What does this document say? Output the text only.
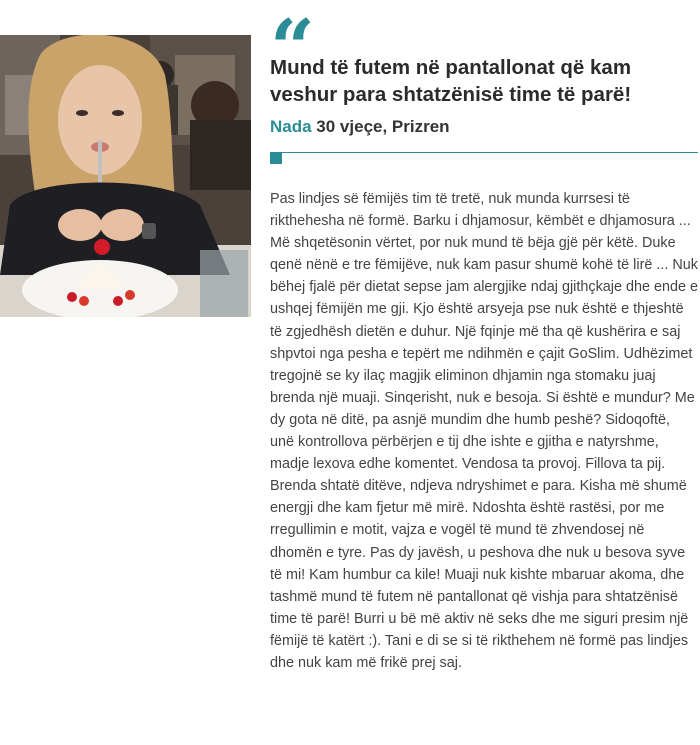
“
Mund të futem në pantallonat që kam veshur para shtatzënisë time të parë!
Nada 30 vjeçe, Prizren

Pas lindjes së fëmijës tim të tretë, nuk munda kurrsesi të rikthehesha në formë. Barku i dhjamosur, këmbët e dhjamosura ... Më shqetësonin vërtet, por nuk mund të bëja gjë për këtë. Duke qenë nënë e tre fëmijëve, nuk kam pasur shumë kohë të lirë ... Nuk bëhej fjalë për dietat sepse jam alergjike ndaj gjithçkaje dhe ende e ushqej fëmijën me gji. Kjo është arsyeja pse nuk është e thjeshtë të zgjedhësh dietën e duhur. Një fqinje më tha që kushërira e saj shpvtoi nga pesha e tepërt me ndihmën e çajit GoSlim. Udhëzimet tregojnë se ky ilaç magjik eliminon dhjamin nga stomaku juaj brenda një muaji. Sinqerisht, nuk e besoja. Si është e mundur? Me dy gota në ditë, pa asnjë mundim dhe humb peshë? Sidoqoftë, unë kontrollova përbërjen e tij dhe ishte e gjitha e natyrshme, madje lexova edhe komentet. Vendosa ta provoj. Fillova ta pij. Brenda shtatë ditëve, ndjeva ndryshimet e para. Kisha më shumë energji dhe kam fjetur më mirë. Ndoshta është rastësi, por me rregullimin e motit, vajza e vogël të mund të zhvendosej në dhomën e tyre. Pas dy javësh, u peshova dhe nuk u besova syve të mi! Kam humbur ca kile! Muaji nuk kishte mbaruar akoma, dhe tashmë mund të futem në pantallonat që vishja para shtatzënisë time të parë! Burri u bë më aktiv në seks dhe me siguri presim një fëmijë të katërt :). Tani e di se si të rikthehem në formë pas lindjes dhe nuk kam më frikë prej saj.
